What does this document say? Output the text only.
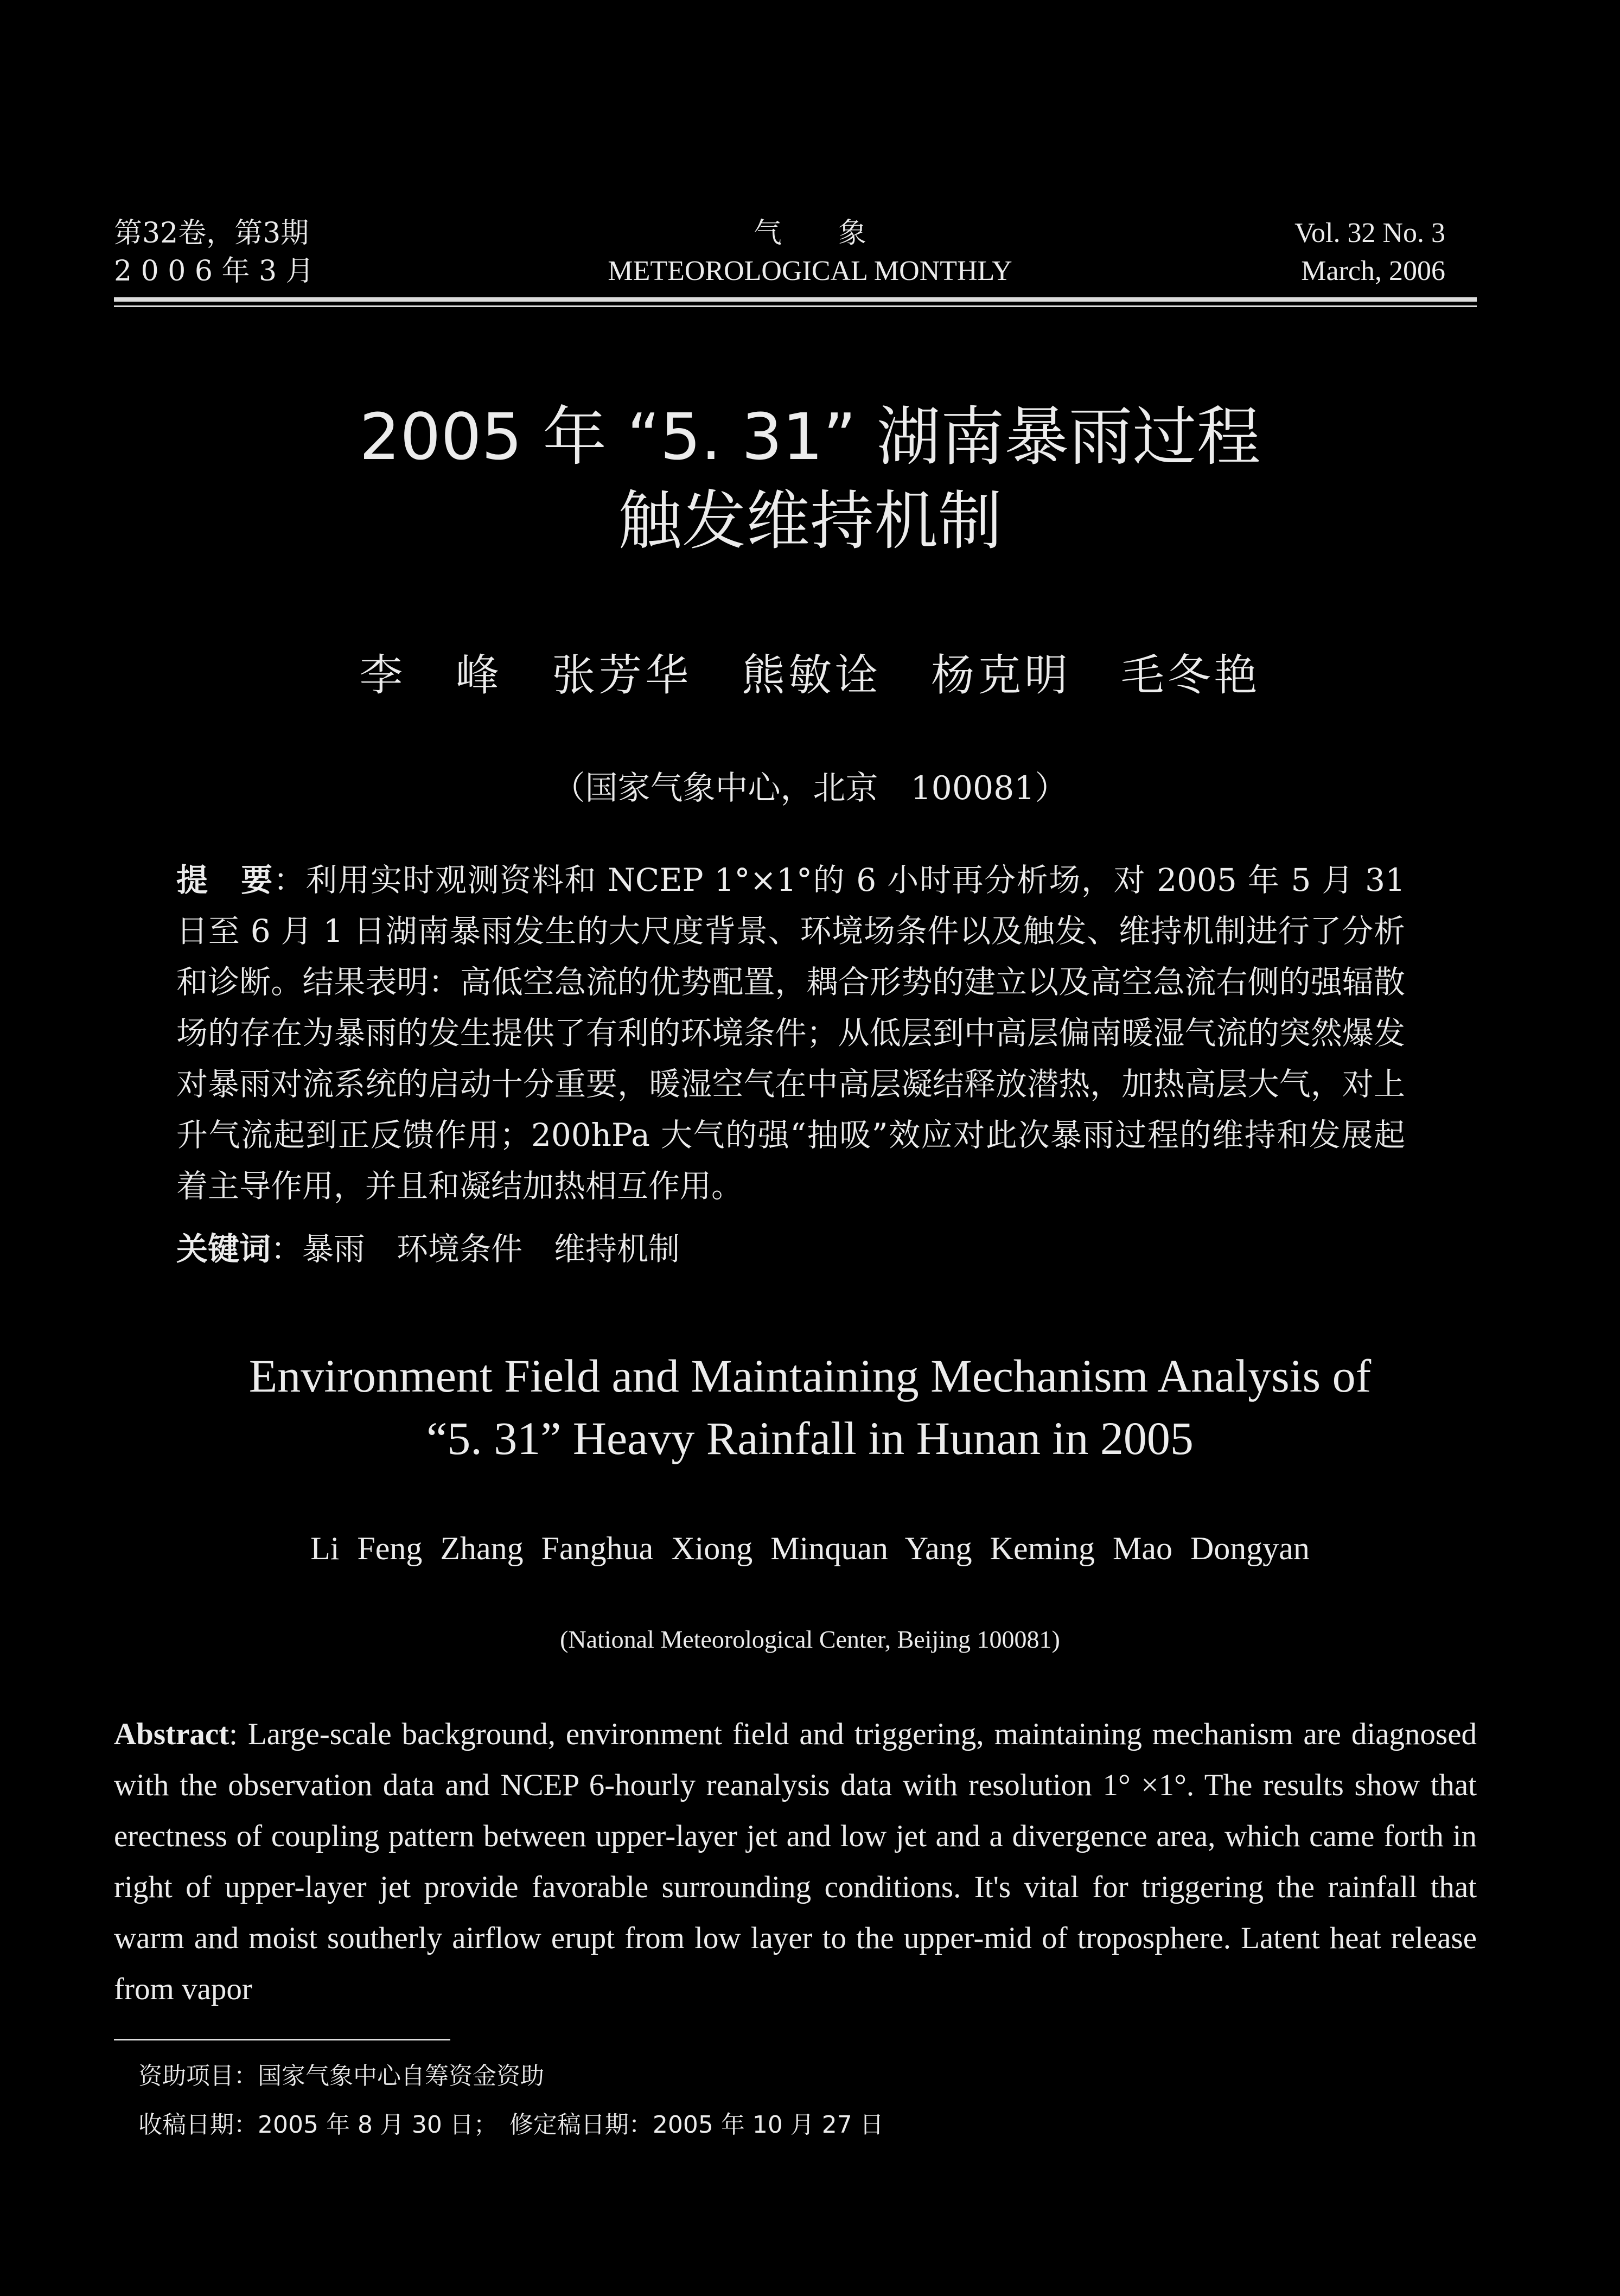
第32卷，第3期
2 0 0 6 年 3 月
气　　象
METEOROLOGICAL MONTHLY
Vol. 32 No. 3
March, 2006
2005 年 “5. 31” 湖南暴雨过程
触发维持机制
李 峰 张芳华 熊敏诠 杨克明 毛冬艳
（国家气象中心，北京　100081）
提　要：利用实时观测资料和 NCEP 1°×1°的 6 小时再分析场，对 2005 年 5 月 31 日至 6 月 1 日湖南暴雨发生的大尺度背景、环境场条件以及触发、维持机制进行了分析和诊断。结果表明：高低空急流的优势配置，耦合形势的建立以及高空急流右侧的强辐散场的存在为暴雨的发生提供了有利的环境条件；从低层到中高层偏南暖湿气流的突然爆发对暴雨对流系统的启动十分重要，暖湿空气在中高层凝结释放潜热，加热高层大气，对上升气流起到正反馈作用；200hPa 大气的强“抽吸”效应对此次暴雨过程的维持和发展起着主导作用，并且和凝结加热相互作用。
关键词：暴雨　环境条件　维持机制
Environment Field and Maintaining Mechanism Analysis of
“5. 31” Heavy Rainfall in Hunan in 2005
Li Feng Zhang Fanghua Xiong Minquan Yang Keming Mao Dongyan
(National Meteorological Center, Beijing 100081)
Abstract: Large-scale background, environment field and triggering, maintaining mechanism are diagnosed with the observation data and NCEP 6-hourly reanalysis data with resolution 1° ×1°. The results show that erectness of coupling pattern between upper-layer jet and low jet and a divergence area, which came forth in right of upper-layer jet provide favorable surrounding conditions. It's vital for triggering the rainfall that warm and moist southerly airflow erupt from low layer to the upper-mid of troposphere. Latent heat release from vapor
资助项目：国家气象中心自筹资金资助
收稿日期：2005 年 8 月 30 日；　修定稿日期：2005 年 10 月 27 日
